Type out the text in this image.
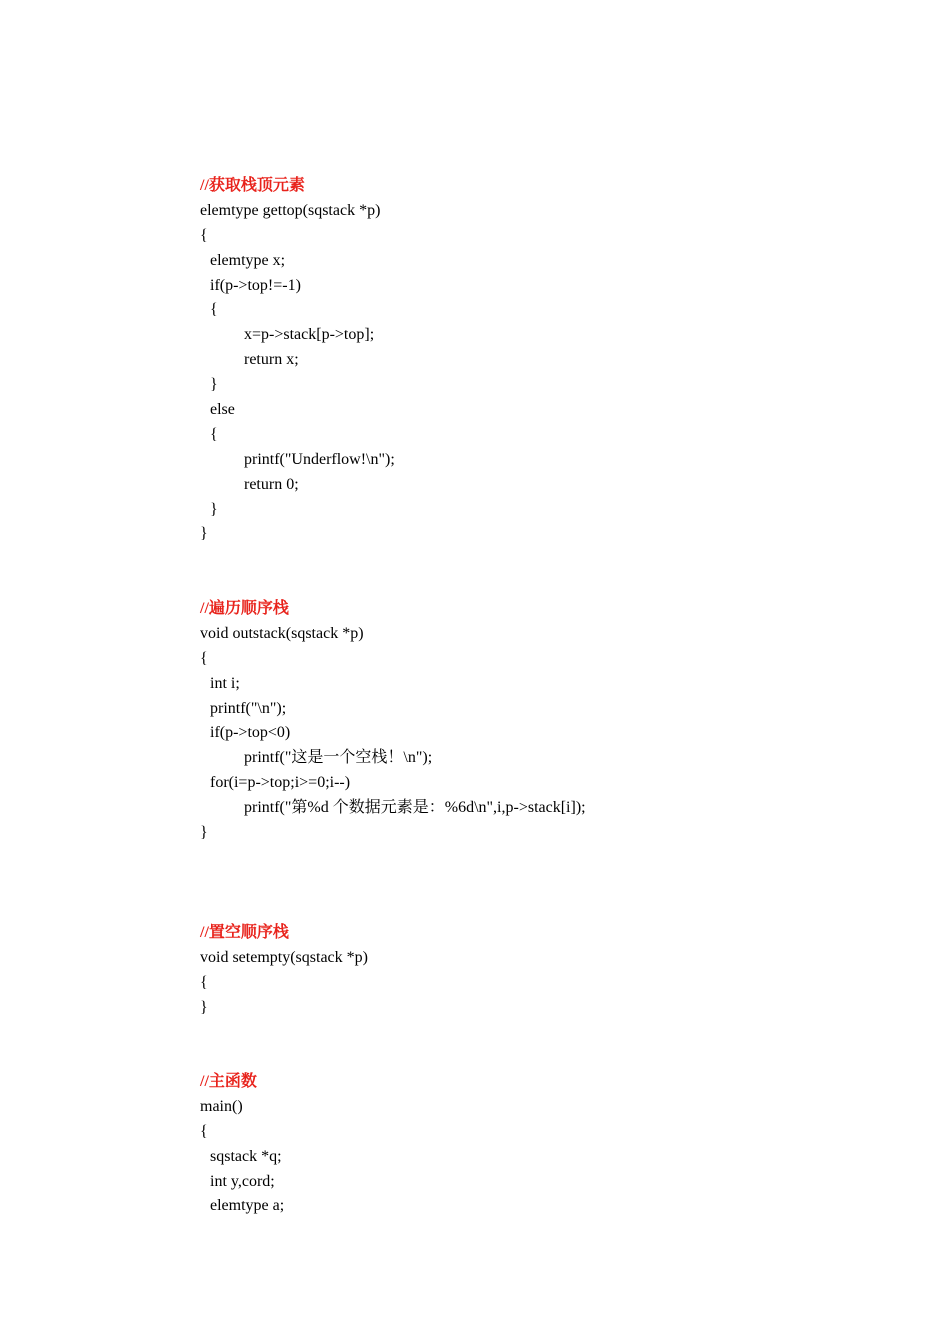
//获取栈顶元素
elemtype gettop(sqstack *p)
{
elemtype x;
if(p->top!=-1)
{
x=p->stack[p->top];
return x;
}
else
{
printf("Underflow!\n");
return 0;
}
}
//遍历顺序栈
void outstack(sqstack *p)
{
int i;
printf("\n");
if(p->top<0)
printf("这是一个空栈！\n");
for(i=p->top;i>=0;i--)
printf("第%d 个数据元素是：%6d\n",i,p->stack[i]);
}
//置空顺序栈
void setempty(sqstack *p)
{
}
//主函数
main()
{
sqstack *q;
int y,cord;
elemtype a;
